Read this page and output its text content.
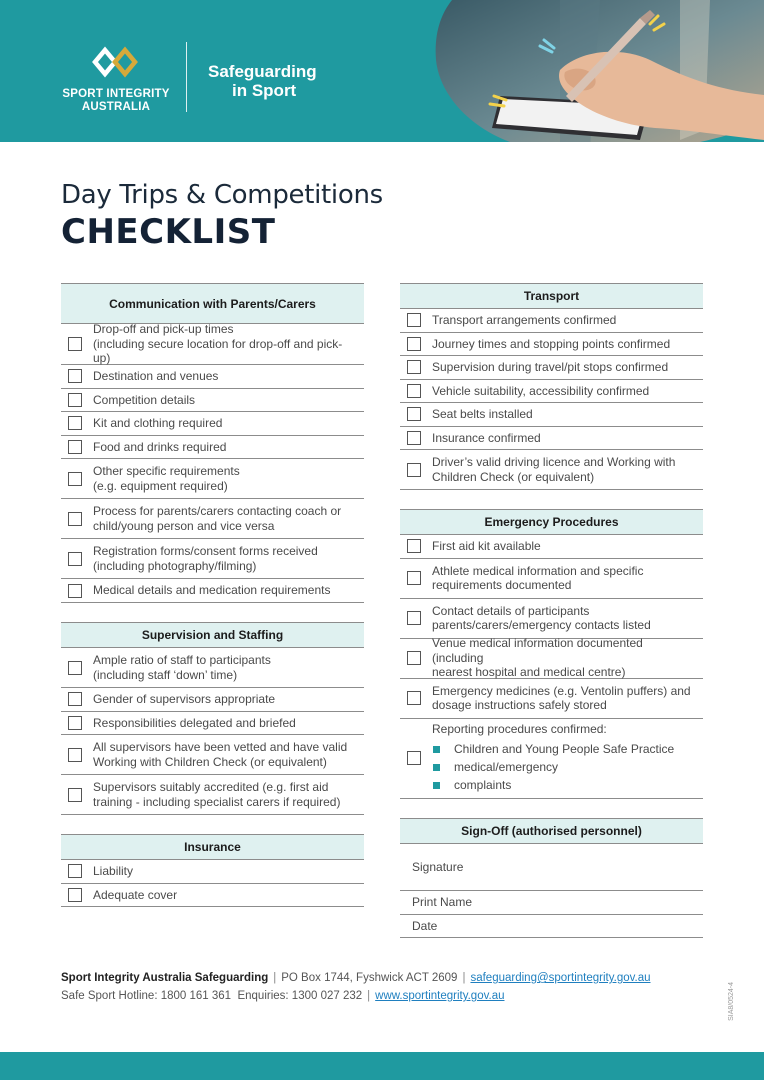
SPORT INTEGRITY
AUSTRALIA
Safeguarding
in Sport
Day Trips & Competitions
CHECKLIST
Communication with Parents/Carers
Drop-off and pick-up times
(including secure location for drop-off and pick-up)
Destination and venues
Competition details
Kit and clothing required
Food and drinks required
Other specific requirements
(e.g. equipment required)
Process for parents/carers contacting coach or
child/young person and vice versa
Registration forms/consent forms received
(including photography/filming)
Medical details and medication requirements
Supervision and Staffing
Ample ratio of staff to participants
(including staff ‘down’ time)
Gender of supervisors appropriate
Responsibilities delegated and briefed
All supervisors have been vetted and have valid
Working with Children Check (or equivalent)
Supervisors suitably accredited (e.g. first aid
training - including specialist carers if required)
Insurance
Liability
Adequate cover
Transport
Transport arrangements confirmed
Journey times and stopping points confirmed
Supervision during travel/pit stops confirmed
Vehicle suitability, accessibility confirmed
Seat belts installed
Insurance confirmed
Driver’s valid driving licence and Working with
Children Check (or equivalent)
Emergency Procedures
First aid kit available
Athlete medical information and specific
requirements documented
Contact details of participants
parents/carers/emergency contacts listed
Venue medical information documented (including
nearest hospital and medical centre)
Emergency medicines (e.g. Ventolin puffers) and
dosage instructions safely stored
Reporting procedures confirmed:
Children and Young People Safe Practice
medical/emergency
complaints
Sign-Off (authorised personnel)
Signature
Print Name
Date
Sport Integrity Australia Safeguarding | PO Box 1744, Fyshwick ACT 2609 | safeguarding@sportintegrity.gov.au
Safe Sport Hotline: 1800 161 361 Enquiries: 1300 027 232 | www.sportintegrity.gov.au	SIA8/0524-4
